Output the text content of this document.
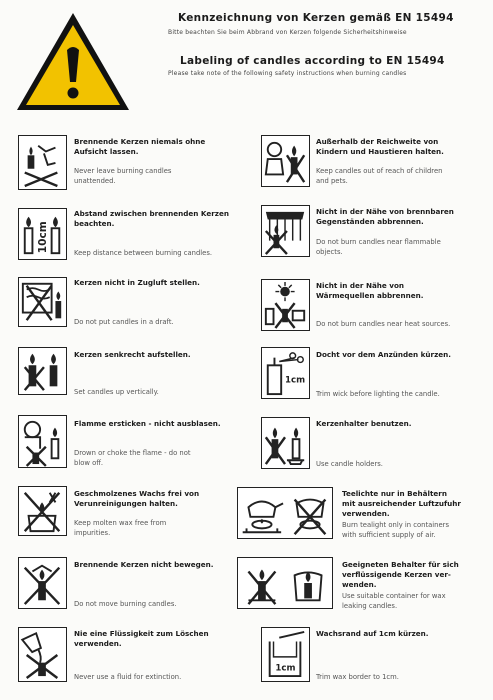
Kennzeichnung von Kerzen gemäß EN 15494
Bitte beachten Sie beim Abbrand von Kerzen folgende Sicherheitshinweise
Labeling of candles according to EN 15494
Please take note of the following safety instructions when burning candles
Brennende Kerzen niemals ohne
Aufsicht lassen.
Never leave burning candles
unattended.
10cm
Abstand zwischen brennenden Kerzen
beachten.
Keep distance between burning candles.
Kerzen nicht in Zugluft stellen.
Do not put candles in a draft.
Kerzen senkrecht aufstellen.
Set candles up vertically.
Flamme ersticken - nicht ausblasen.
Drown or choke the flame - do not
blow off.
Geschmolzenes Wachs frei von
Verunreinigungen halten.
Keep molten wax free from
impurities.
Brennende Kerzen nicht bewegen.
Do not move burning candles.
Nie eine Flüssigkeit zum Löschen
verwenden.
Never use a fluid for extinction.
Außerhalb der Reichweite von
Kindern und Haustieren halten.
Keep candles out of reach of children
and pets.
Nicht in der Nähe von brennbaren
Gegenständen abbrennen.
Do not burn candles near flammable
objects.
Nicht in der Nähe von
Wärmequellen abbrennen.
Do not burn candles near heat sources.
1cm
Docht vor dem Anzünden kürzen.
Trim wick before lighting the candle.
Kerzenhalter benutzen.
Use candle holders.
Teelichte nur in Behältern
mit ausreichender Luftzufuhr
verwenden.
Burn tealight only in containers
with sufficient supply of air.
Geeigneten Behalter für sich
verflüssigende Kerzen ver-
wenden.
Use suitable container for wax
leaking candles.
1cm
Wachsrand auf 1cm kürzen.
Trim wax border to 1cm.
